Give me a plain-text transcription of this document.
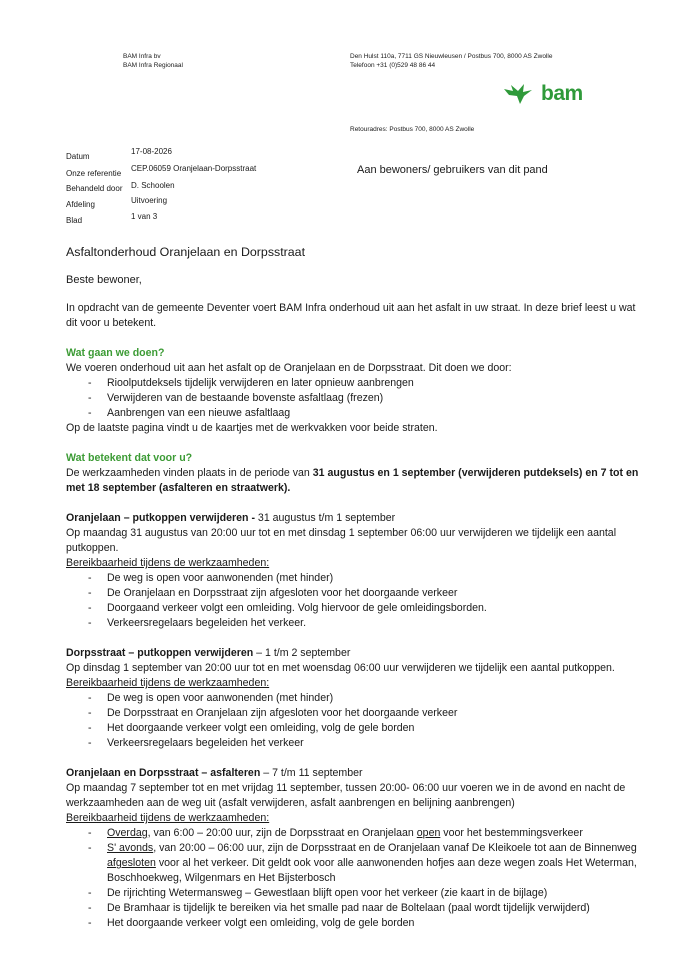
BAM Infra bv
BAM Infra Regionaal
Den Hulst 110a, 7711 GS Nieuwleusen / Postbus 700, 8000 AS Zwolle
Telefoon +31 (0)529 48 86 44
bam
Retouradres: Postbus 700, 8000 AS Zwolle
Datum
17-08-2026
Onze referentie
CEP.06059 Oranjelaan-Dorpsstraat
Behandeld door D. Schoolen
Afdeling	Uitvoering
Blad	1 van 3
Aan bewoners/ gebruikers van dit pand
Asfaltonderhoud Oranjelaan en Dorpsstraat
Beste bewoner,

In opdracht van de gemeente Deventer voert BAM Infra onderhoud uit aan het asfalt in uw straat. In deze brief leest u wat dit voor u betekent.

Wat gaan we doen?
We voeren onderhoud uit aan het asfalt op de Oranjelaan en de Dorpsstraat. Dit doen we door:
- Rioolputdeksels tijdelijk verwijderen en later opnieuw aanbrengen
- Verwijderen van de bestaande bovenste asfaltlaag (frezen)
- Aanbrengen van een nieuwe asfaltlaag
Op de laatste pagina vindt u de kaartjes met de werkvakken voor beide straten.
Wat betekent dat voor u?
De werkzaamheden vinden plaats in de periode van 31 augustus en 1 september (verwijderen putdeksels) en 7 tot en met 18 september (asfalteren en straatwerk).
Oranjelaan – putkoppen verwijderen - 31 augustus t/m 1 september
Op maandag 31 augustus van 20:00 uur tot en met dinsdag 1 september 06:00 uur verwijderen we tijdelijk een aantal putkoppen.
Bereikbaarheid tijdens de werkzaamheden:
- De weg is open voor aanwonenden (met hinder)
- De Oranjelaan en Dorpsstraat zijn afgesloten voor het doorgaande verkeer
- Doorgaand verkeer volgt een omleiding. Volg hiervoor de gele omleidingsborden.
- Verkeersregelaars begeleiden het verkeer.
Dorpsstraat – putkoppen verwijderen – 1 t/m 2 september
Op dinsdag 1 september van 20:00 uur tot en met woensdag 06:00 uur verwijderen we tijdelijk een aantal putkoppen.
Bereikbaarheid tijdens de werkzaamheden:
- De weg is open voor aanwonenden (met hinder)
- De Dorpsstraat en Oranjelaan zijn afgesloten voor het doorgaande verkeer
- Het doorgaande verkeer volgt een omleiding, volg de gele borden
- Verkeersregelaars begeleiden het verkeer
Oranjelaan en Dorpsstraat – asfalteren – 7 t/m 11 september
Op maandag 7 september tot en met vrijdag 11 september, tussen 20:00- 06:00 uur voeren we in de avond en nacht de werkzaamheden aan de weg uit (asfalt verwijderen, asfalt aanbrengen en belijning aanbrengen)
Bereikbaarheid tijdens de werkzaamheden:
- Overdag, van 6:00 – 20:00 uur, zijn de Dorpsstraat en Oranjelaan open voor het bestemmingsverkeer
- S' avonds, van 20:00 – 06:00 uur, zijn de Dorpsstraat en de Oranjelaan vanaf De Kleikoele tot aan de Binnenweg afgesloten voor al het verkeer. Dit geldt ook voor alle aanwonenden hofjes aan deze wegen zoals Het Weterman, Boschhoekweg, Wilgenmars en Het Bijsterbosch
- De rijrichting Wetermansweg – Gewestlaan blijft open voor het verkeer (zie kaart in de bijlage)
- De Bramhaar is tijdelijk te bereiken via het smalle pad naar de Boltelaan (paal wordt tijdelijk verwijderd)
- Het doorgaande verkeer volgt een omleiding, volg de gele borden
